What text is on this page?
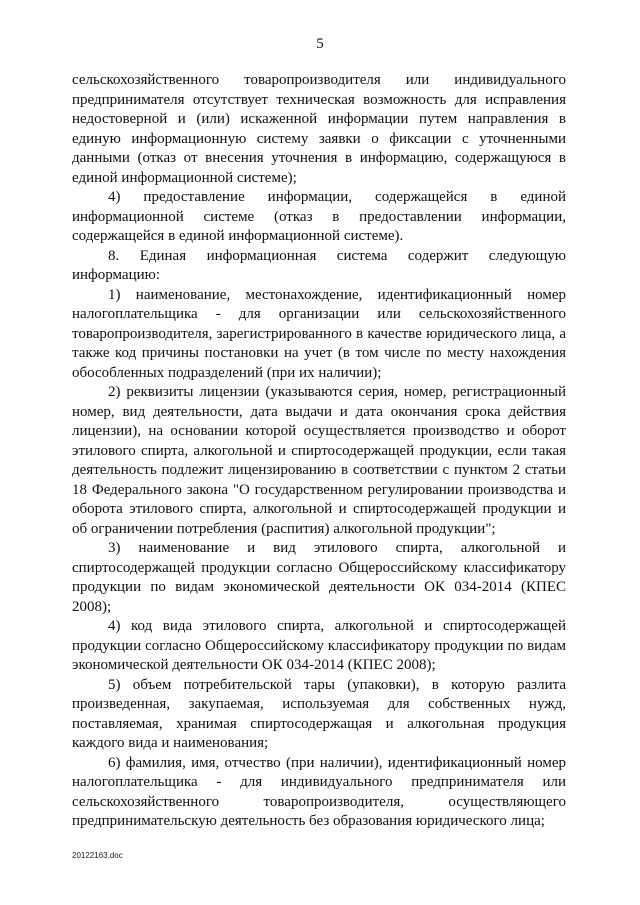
5

сельскохозяйственного товаропроизводителя или индивидуального предпринимателя отсутствует техническая возможность для исправления недостоверной и (или) искаженной информации путем направления в единую информационную систему заявки о фиксации с уточненными данными (отказ от внесения уточнения в информацию, содержащуюся в единой информационной системе);

4) предоставление информации, содержащейся в единой информационной системе (отказ в предоставлении информации, содержащейся в единой информационной системе).

8. Единая информационная система содержит следующую информацию:

1) наименование, местонахождение, идентификационный номер налогоплательщика - для организации или сельскохозяйственного товаропроизводителя, зарегистрированного в качестве юридического лица, а также код причины постановки на учет (в том числе по месту нахождения обособленных подразделений (при их наличии);

2) реквизиты лицензии (указываются серия, номер, регистрационный номер, вид деятельности, дата выдачи и дата окончания срока действия лицензии), на основании которой осуществляется производство и оборот этилового спирта, алкогольной и спиртосодержащей продукции, если такая деятельность подлежит лицензированию в соответствии с пунктом 2 статьи 18 Федерального закона "О государственном регулировании производства и оборота этилового спирта, алкогольной и спиртосодержащей продукции и об ограничении потребления (распития) алкогольной продукции";

3) наименование и вид этилового спирта, алкогольной и спиртосодержащей продукции согласно Общероссийскому классификатору продукции по видам экономической деятельности ОК 034-2014 (КПЕС 2008);

4) код вида этилового спирта, алкогольной и спиртосодержащей продукции согласно Общероссийскому классификатору продукции по видам экономической деятельности ОК 034-2014 (КПЕС 2008);

5) объем потребительской тары (упаковки), в которую разлита произведенная, закупаемая, используемая для собственных нужд, поставляемая, хранимая спиртосодержащая и алкогольная продукция каждого вида и наименования;

6) фамилия, имя, отчество (при наличии), идентификационный номер налогоплательщика - для индивидуального предпринимателя или сельскохозяйственного товаропроизводителя, осуществляющего предпринимательскую деятельность без образования юридического лица;

20122163.doc
